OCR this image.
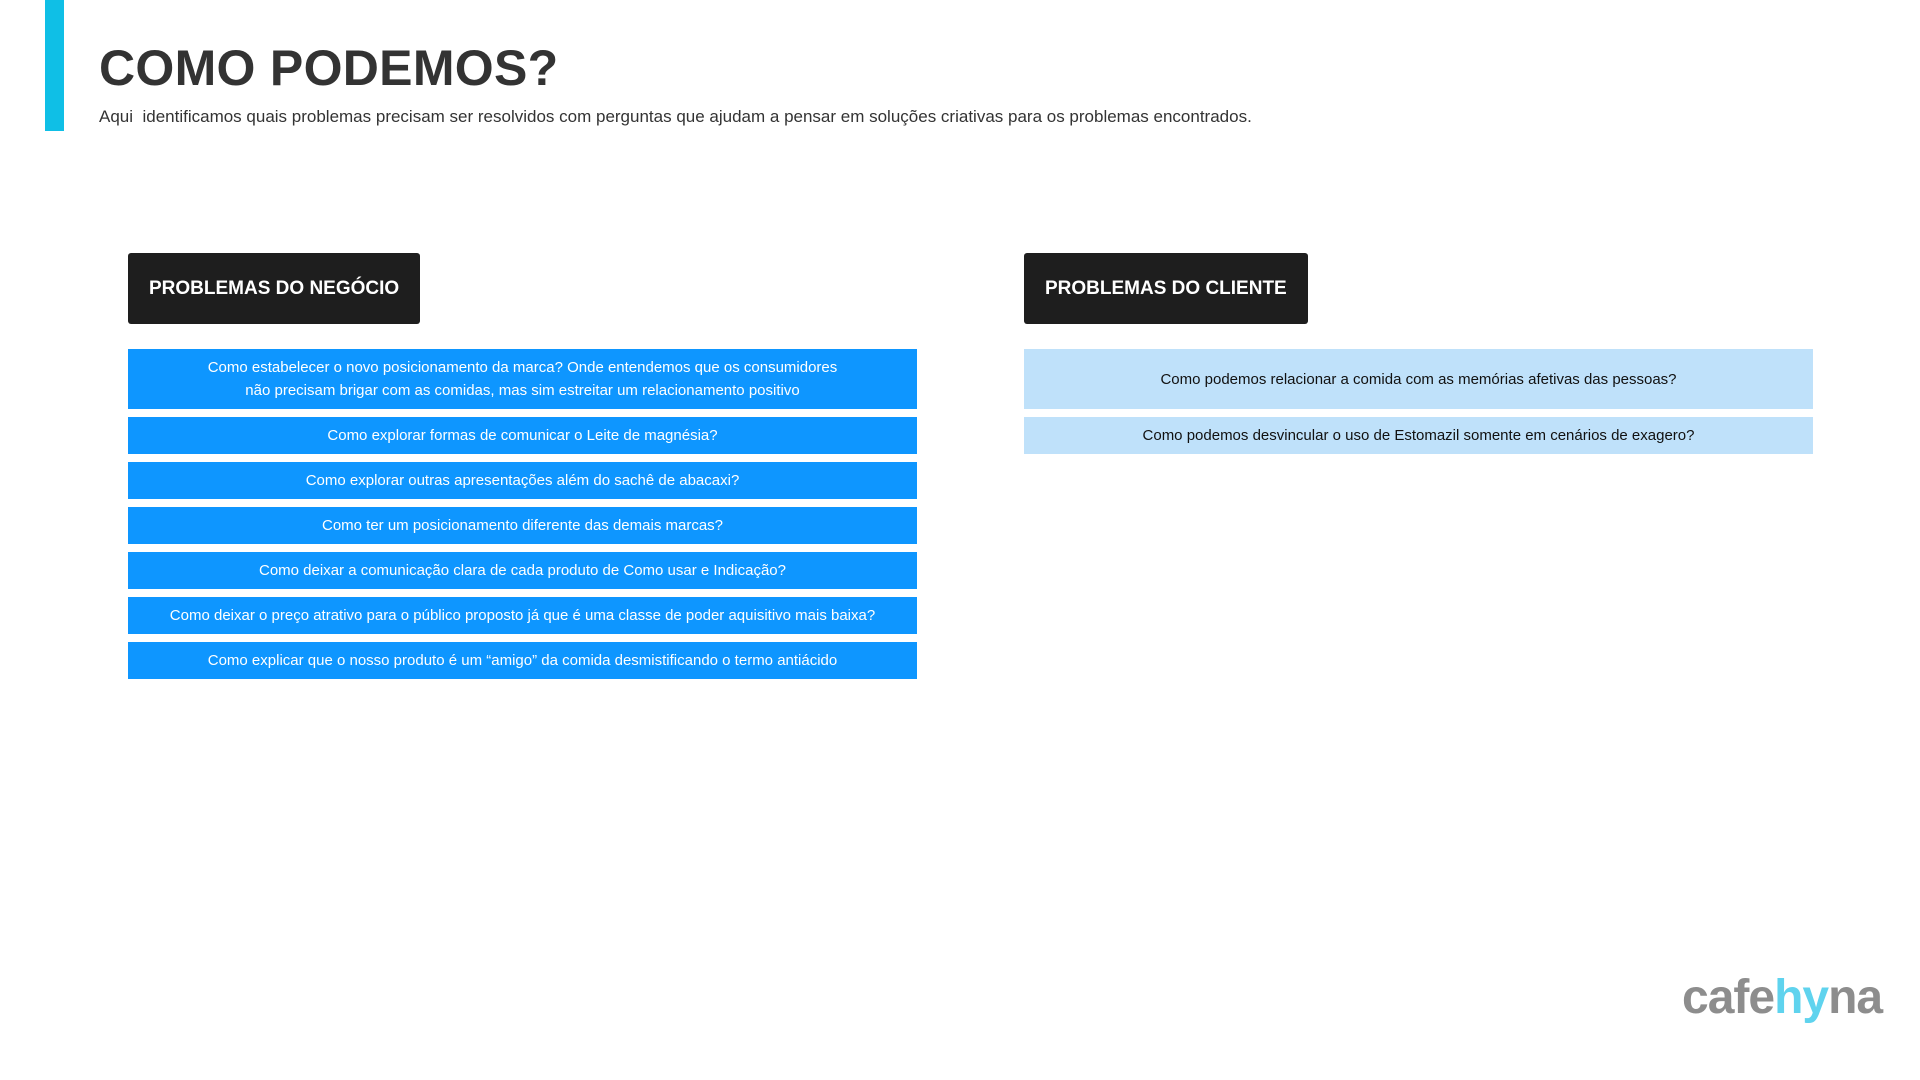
COMO PODEMOS?

Aqui  identificamos quais problemas precisam ser resolvidos com perguntas que ajudam a pensar em soluções criativas para os problemas encontrados.

PROBLEMAS DO NEGÓCIO
Como estabelecer o novo posicionamento da marca? Onde entendemos que os consumidores
não precisam brigar com as comidas, mas sim estreitar um relacionamento positivo
Como explorar formas de comunicar o Leite de magnésia?
Como explorar outras apresentações além do sachê de abacaxi?
Como ter um posicionamento diferente das demais marcas?
Como deixar a comunicação clara de cada produto de Como usar e Indicação?
Como deixar o preço atrativo para o público proposto já que é uma classe de poder aquisitivo mais baixa?
Como explicar que o nosso produto é um “amigo” da comida desmistificando o termo antiácido
PROBLEMAS DO CLIENTE
Como podemos relacionar a comida com as memórias afetivas das pessoas?
Como podemos desvincular o uso de Estomazil somente em cenários de exagero?
cafehyna
